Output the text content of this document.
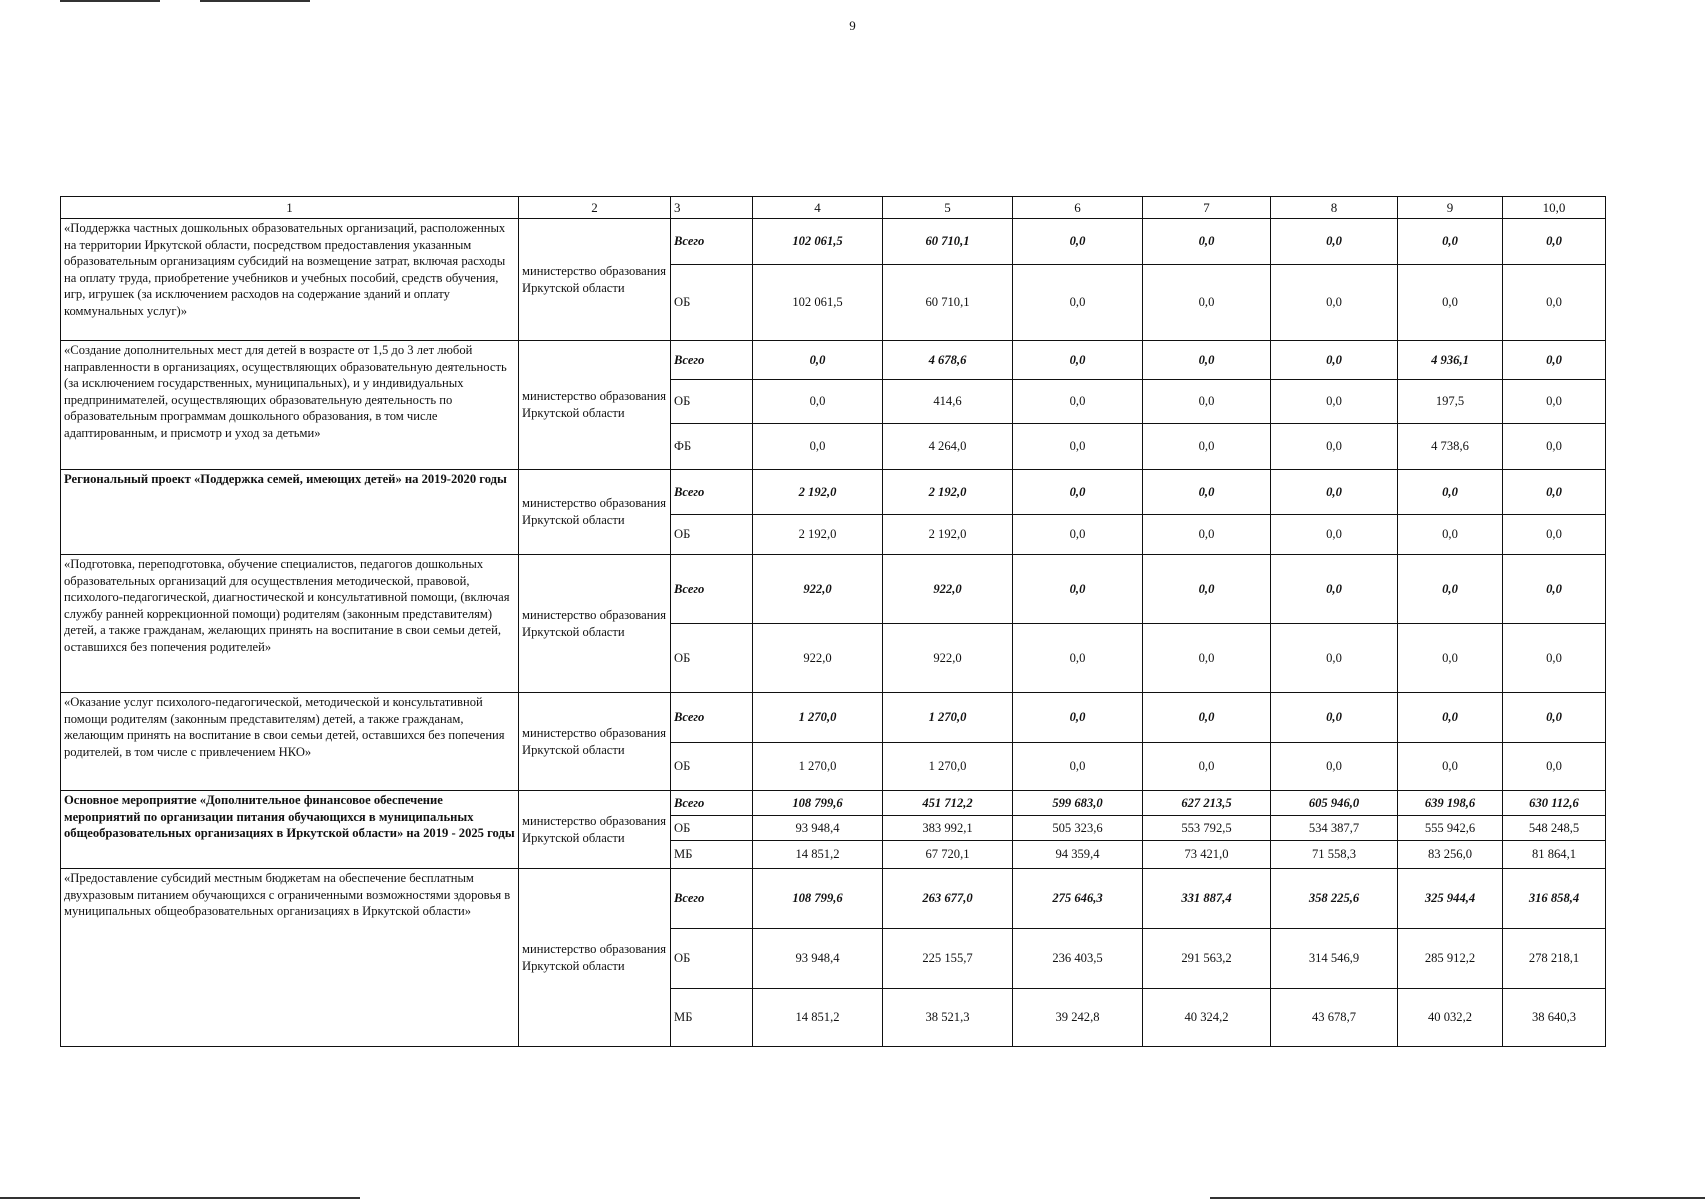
9
1	2	3	4	5	6	7	8	9	10,0
«Поддержка частных дошкольных образовательных организаций, расположенных на территории Иркутской области, посредством предоставления указанным образовательным организациям субсидий на возмещение затрат, включая расходы на оплату труда, приобретение учебников и учебных пособий, средств обучения, игр, игрушек (за исключением расходов на содержание зданий и оплату коммунальных услуг)»	министерство образования Иркутской области	Всего	102 061,5	60 710,1	0,0	0,0	0,0	0,0	0,0
		ОБ	102 061,5	60 710,1	0,0	0,0	0,0	0,0	0,0
«Создание дополнительных мест для детей в возрасте от 1,5 до 3 лет любой направленности в организациях, осуществляющих образовательную деятельность (за исключением государственных, муниципальных), и у индивидуальных предпринимателей, осуществляющих образовательную деятельность по образовательным программам дошкольного образования, в том числе адаптированным, и присмотр и уход за детьми»	министерство образования Иркутской области	Всего	0,0	4 678,6	0,0	0,0	0,0	4 936,1	0,0
		ОБ	0,0	414,6	0,0	0,0	0,0	197,5	0,0
		ФБ	0,0	4 264,0	0,0	0,0	0,0	4 738,6	0,0
Региональный проект «Поддержка семей, имеющих детей» на 2019-2020 годы	министерство образования Иркутской области	Всего	2 192,0	2 192,0	0,0	0,0	0,0	0,0	0,0
		ОБ	2 192,0	2 192,0	0,0	0,0	0,0	0,0	0,0
«Подготовка, переподготовка, обучение специалистов, педагогов дошкольных образовательных организаций для осуществления методической, правовой, психолого-педагогической, диагностической и консультативной помощи, (включая службу ранней коррекционной помощи) родителям (законным представителям) детей, а также гражданам, желающих принять на воспитание в свои семьи детей, оставшихся без попечения родителей»	министерство образования Иркутской области	Всего	922,0	922,0	0,0	0,0	0,0	0,0	0,0
		ОБ	922,0	922,0	0,0	0,0	0,0	0,0	0,0
«Оказание услуг психолого-педагогической, методической и консультативной помощи родителям (законным представителям) детей, а также гражданам, желающим принять на воспитание в свои семьи детей, оставшихся без попечения родителей, в том числе с привлечением НКО»	министерство образования Иркутской области	Всего	1 270,0	1 270,0	0,0	0,0	0,0	0,0	0,0
		ОБ	1 270,0	1 270,0	0,0	0,0	0,0	0,0	0,0
Основное мероприятие «Дополнительное финансовое обеспечение мероприятий по организации питания обучающихся в муниципальных общеобразовательных организациях в Иркутской области» на 2019 - 2025 годы	министерство образования Иркутской области	Всего	108 799,6	451 712,2	599 683,0	627 213,5	605 946,0	639 198,6	630 112,6
		ОБ	93 948,4	383 992,1	505 323,6	553 792,5	534 387,7	555 942,6	548 248,5
		МБ	14 851,2	67 720,1	94 359,4	73 421,0	71 558,3	83 256,0	81 864,1
«Предоставление субсидий местным бюджетам на обеспечение бесплатным двухразовым питанием обучающихся с ограниченными возможностями здоровья в муниципальных общеобразовательных организациях в Иркутской области»	министерство образования Иркутской области	Всего	108 799,6	263 677,0	275 646,3	331 887,4	358 225,6	325 944,4	316 858,4
		ОБ	93 948,4	225 155,7	236 403,5	291 563,2	314 546,9	285 912,2	278 218,1
		МБ	14 851,2	38 521,3	39 242,8	40 324,2	43 678,7	40 032,2	38 640,3
